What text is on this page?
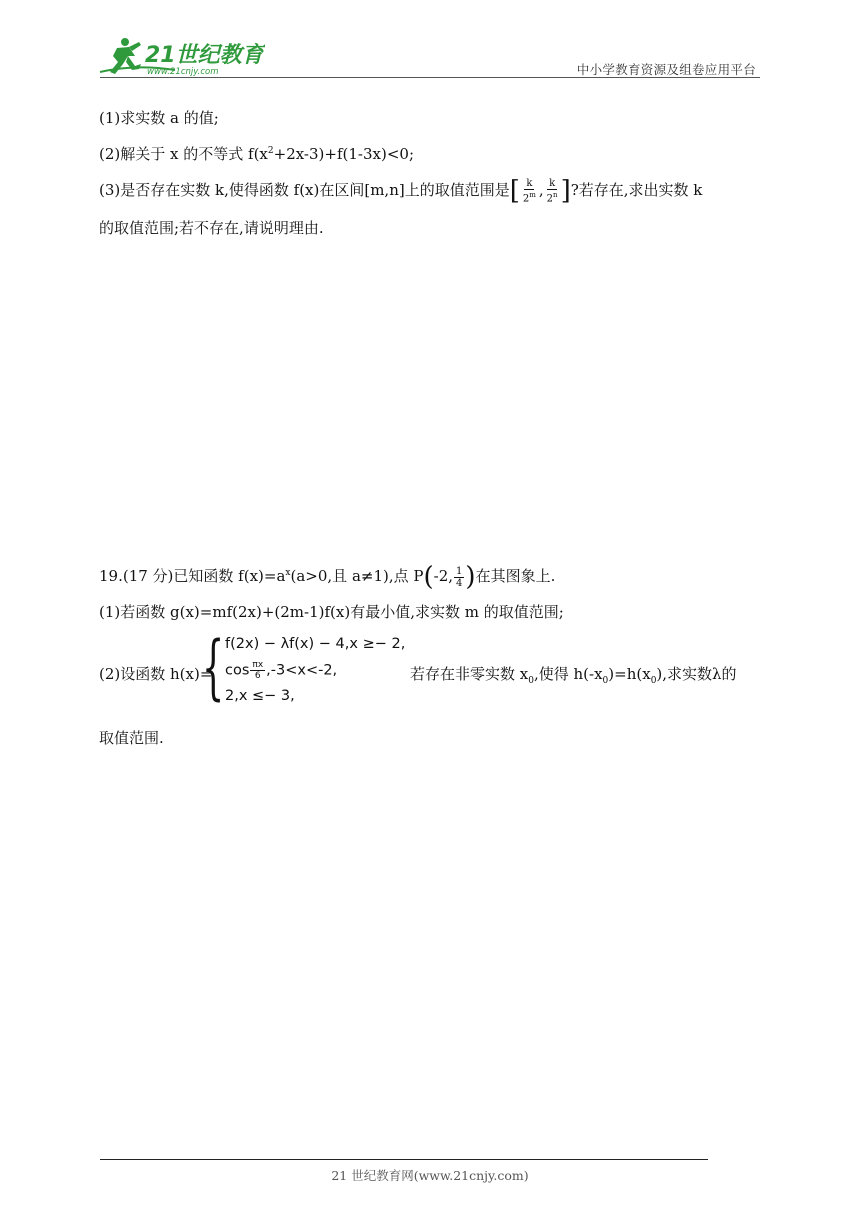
21世纪教育
www.21cnjy.com	中小学教育资源及组卷应用平台
(1)求实数 a 的值;
(2)解关于 x 的不等式 $f(x^2+2x-3)+f(1-3x)<0$;
(3)是否存在实数 k,使得函数 f(x)在区间[m,n]上的取值范围是[ $\frac{k}{2^m}$ , $\frac{k}{2^n}$ ]?若存在,求出实数 k
的取值范围;若不存在,请说明理由.
19.(17 分)已知函数 $f(x)=a^x(a>0$,且 a≠1),点 P(-2, $\frac{1}{4}$ )在其图象上.
(1)若函数 g(x)=mf(2x)+(2m-1)f(x)有最小值,求实数 m 的取值范围;
(2)设函数 h(x)=
{ f(2x) − λf(x) − 4,x ≥− 2,
$\cos \frac{\pi x}{6} ,-3<x<-2$,
2,x ≤− 3,
若存在非零实数 $x_0$,使得 $h(-x_0)=h(x_0)$,求实数λ的
取值范围.
21 世纪教育网(www.21cnjy.com)
